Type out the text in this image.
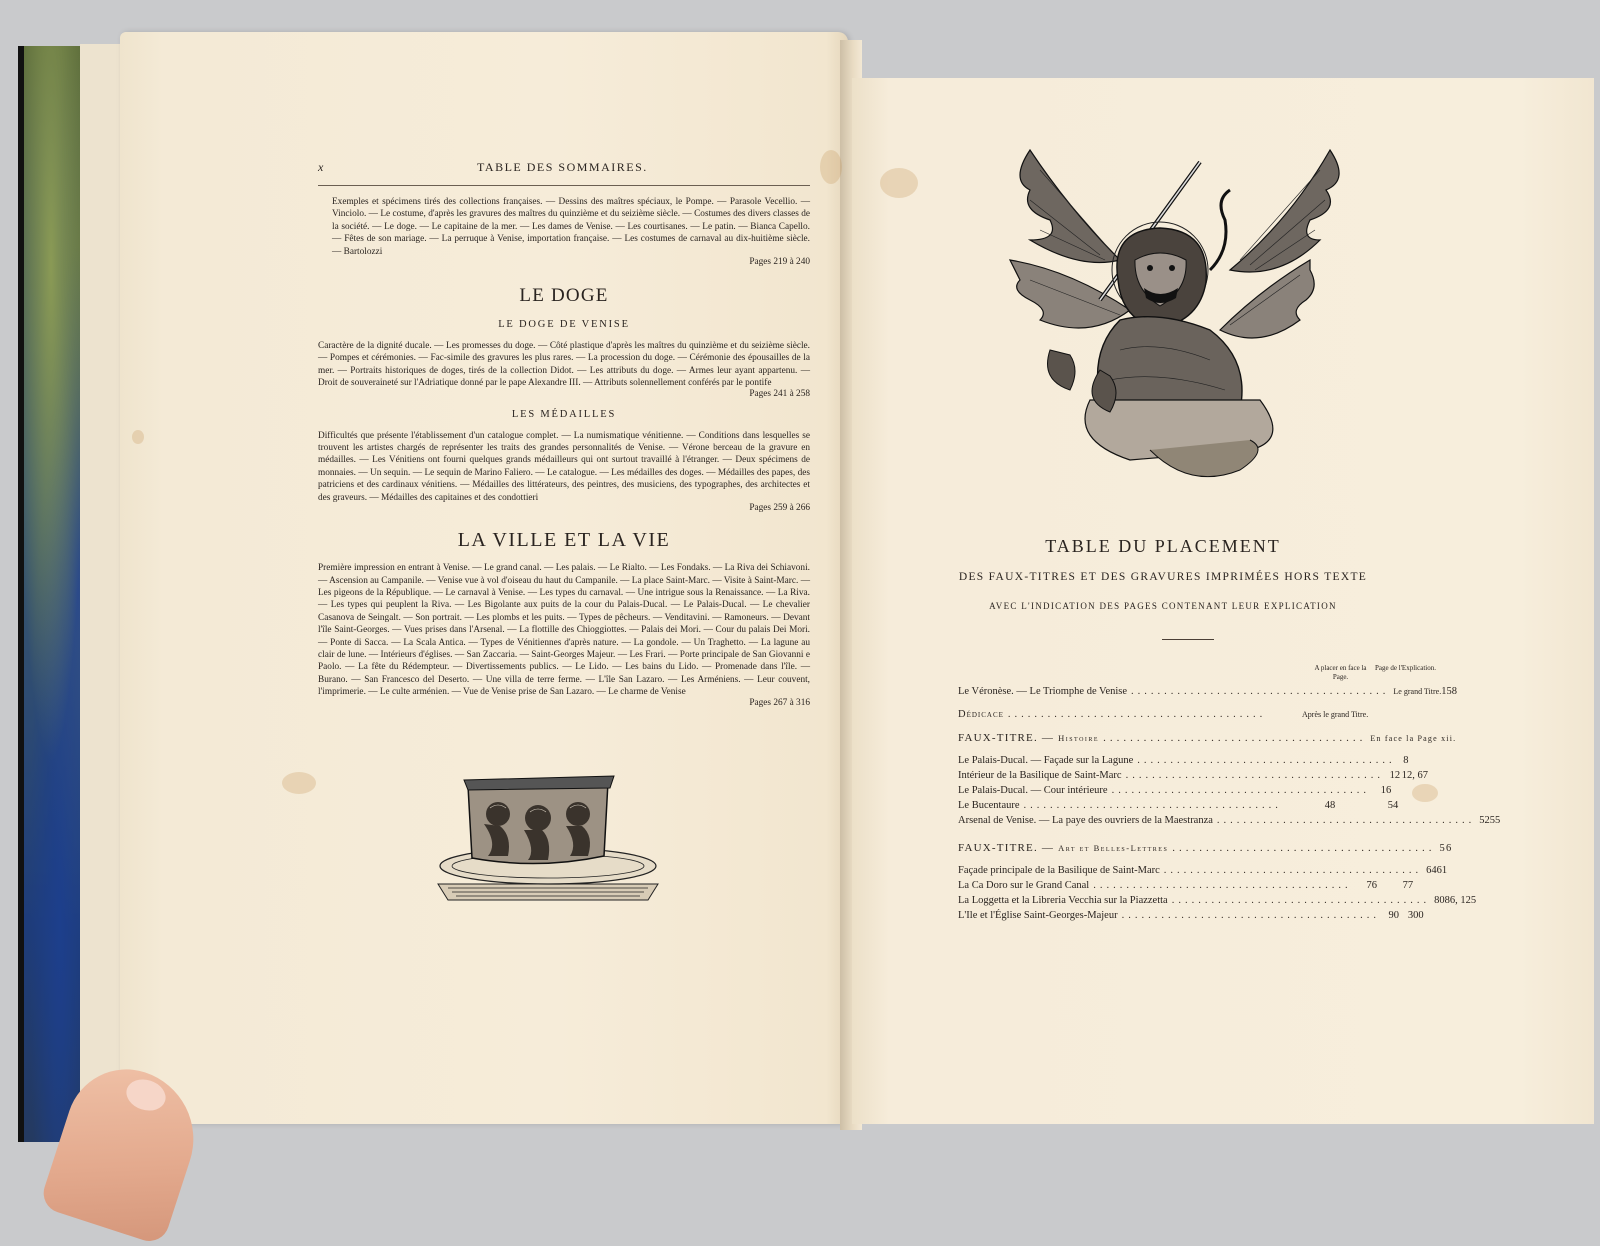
x	TABLE DES SOMMAIRES.
Exemples et spécimens tirés des collections françaises. — Dessins des maîtres spéciaux, le Pompe. — Parasole Vecellio. — Vinciolo. — Le costume, d'après les gravures des maîtres du quinzième et du seizième siècle. — Costumes des divers classes de la société. — Le doge. — Le capitaine de la mer. — Les dames de Venise. — Les courtisanes. — Le patin. — Bianca Capello. — Fêtes de son mariage. — La perruque à Venise, importation française. — Les costumes de carnaval au dix-huitième siècle. — Bartolozzi
Pages 219 à 240
LE DOGE
LE DOGE DE VENISE
Caractère de la dignité ducale. — Les promesses du doge. — Côté plastique d'après les maîtres du quinzième et du seizième siècle. — Pompes et cérémonies. — Fac-simile des gravures les plus rares. — La procession du doge. — Cérémonie des épousailles de la mer. — Portraits historiques de doges, tirés de la collection Didot. — Les attributs du doge. — Armes leur ayant appartenu. — Droit de souveraineté sur l'Adriatique donné par le pape Alexandre III. — Attributs solennellement conférés par le pontife
Pages 241 à 258
LES MÉDAILLES
Difficultés que présente l'établissement d'un catalogue complet. — La numismatique vénitienne. — Conditions dans lesquelles se trouvent les artistes chargés de représenter les traits des grandes personnalités de Venise. — Vérone berceau de la gravure en médailles. — Les Vénitiens ont fourni quelques grands médailleurs qui ont surtout travaillé à l'étranger. — Deux spécimens de monnaies. — Un sequin. — Le sequin de Marino Faliero. — Le catalogue. — Les médailles des doges. — Médailles des papes, des patriciens et des cardinaux vénitiens. — Médailles des littérateurs, des peintres, des musiciens, des typographes, des architectes et des graveurs. — Médailles des capitaines et des condottieri
Pages 259 à 266
LA VILLE ET LA VIE
Première impression en entrant à Venise. — Le grand canal. — Les palais. — Le Rialto. — Les Fondaks. — La Riva dei Schiavoni. — Ascension au Campanile. — Venise vue à vol d'oiseau du haut du Campanile. — La place Saint-Marc. — Visite à Saint-Marc. — Les pigeons de la République. — Le carnaval à Venise. — Les types du carnaval. — Une intrigue sous la Renaissance. — La Riva. — Les types qui peuplent la Riva. — Les Bigolante aux puits de la cour du Palais-Ducal. — Le Palais-Ducal. — Le chevalier Casanova de Seingalt. — Son portrait. — Les plombs et les puits. — Types de pêcheurs. — Venditavini. — Ramoneurs. — Devant l'île Saint-Georges. — Vues prises dans l'Arsenal. — La flottille des Chioggiottes. — Palais dei Mori. — Cour du palais Dei Mori. — Ponte di Sacca. — La Scala Antica. — Types de Vénitiennes d'après nature. — La gondole. — Un Traghetto. — La lagune au clair de lune. — Intérieurs d'églises. — San Zaccaria. — Saint-Georges Majeur. — Les Frari. — Porte principale de San Giovanni e Paolo. — La fête du Rédempteur. — Divertissements publics. — Le Lido. — Les bains du Lido. — Promenade dans l'île. — Burano. — San Francesco del Deserto. — Une villa de terre ferme. — L'île San Lazaro. — Les Arméniens. — Leur couvent, l'imprimerie. — Le culte arménien. — Vue de Venise prise de San Lazaro. — Le charme de Venise
Pages 267 à 316
TABLE DU PLACEMENT
DES FAUX-TITRES ET DES GRAVURES IMPRIMÉES HORS TEXTE
AVEC L'INDICATION DES PAGES CONTENANT LEUR EXPLICATION
A placer en face la Page.
Page de l'Explication.
Le Véronèse. — Le Triomphe de Venise ....................................... Le grand Titre. 158
Dédicace .......................................	Après le grand Titre.
FAUX-TITRE. — Histoire ....................................... En face la Page xii.
Le Palais-Ducal. — Façade sur la Lagune ....................................... 8
Intérieur de la Basilique de Saint-Marc ....................................... 12 12, 67
Le Palais-Ducal. — Cour intérieure .......................................	16
Le Bucentaure .......................................	48	54
Arsenal de Venise. — La paye des ouvriers de la Maestranza ....................................... 52 55
FAUX-TITRE. — Art et Belles-Lettres ....................................... 56
Façade principale de la Basilique de Saint-Marc ....................................... 64 61
La Ca Doro sur le Grand Canal .......................................	76	77
La Loggetta et la Libreria Vecchia sur la Piazzetta ....................................... 80 86, 125
L'Ile et l'Église Saint-Georges-Majeur ....................................... 90 300
